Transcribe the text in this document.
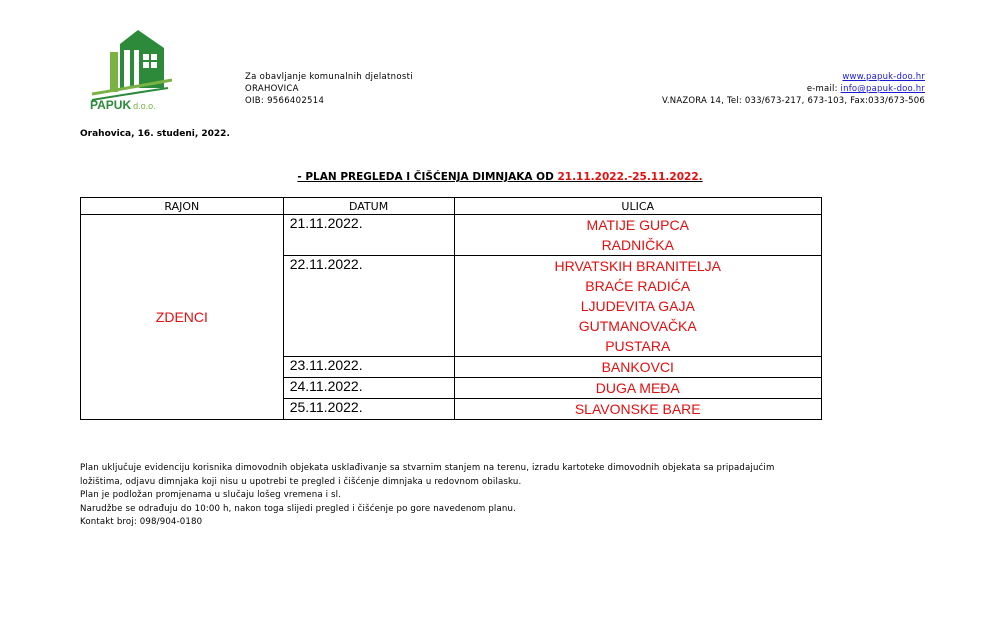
PAPUK d.o.o.
Za obavljanje komunalnih djelatnosti
ORAHOVICA
OIB: 9566402514
www.papuk-doo.hr
e-mail: info@papuk-doo.hr
V.NAZORA 14, Tel: 033/673-217, 673-103, Fax:033/673-506
Orahovica, 16. studeni, 2022.
- PLAN PREGLEDA I ČIŠĆENJA DIMNJAKA OD 21.11.2022.-25.11.2022.
RAJON	DATUM	ULICA
ZDENCI	21.11.2022.	MATIJE GUPCA
		RADNIČKA
	22.11.2022.	HRVATSKIH BRANITELJA
		BRAĆE RADIĆA
		LJUDEVITA GAJA
		GUTMANOVAČKA
		PUSTARA
	23.11.2022.	BANKOVCI
	24.11.2022.	DUGA MEĐA
	25.11.2022.	SLAVONSKE BARE
Plan uključuje evidenciju korisnika dimovodnih objekata usklađivanje sa stvarnim stanjem na terenu, izradu kartoteke dimovodnih objekata sa pripadajućim
ložištima, odjavu dimnjaka koji nisu u upotrebi te pregled i čišćenje dimnjaka u redovnom obilasku.
Plan je podložan promjenama u slučaju lošeg vremena i sl.
Narudžbe se odrađuju do 10:00 h, nakon toga slijedi pregled i čišćenje po gore navedenom planu.
Kontakt broj: 098/904-0180
